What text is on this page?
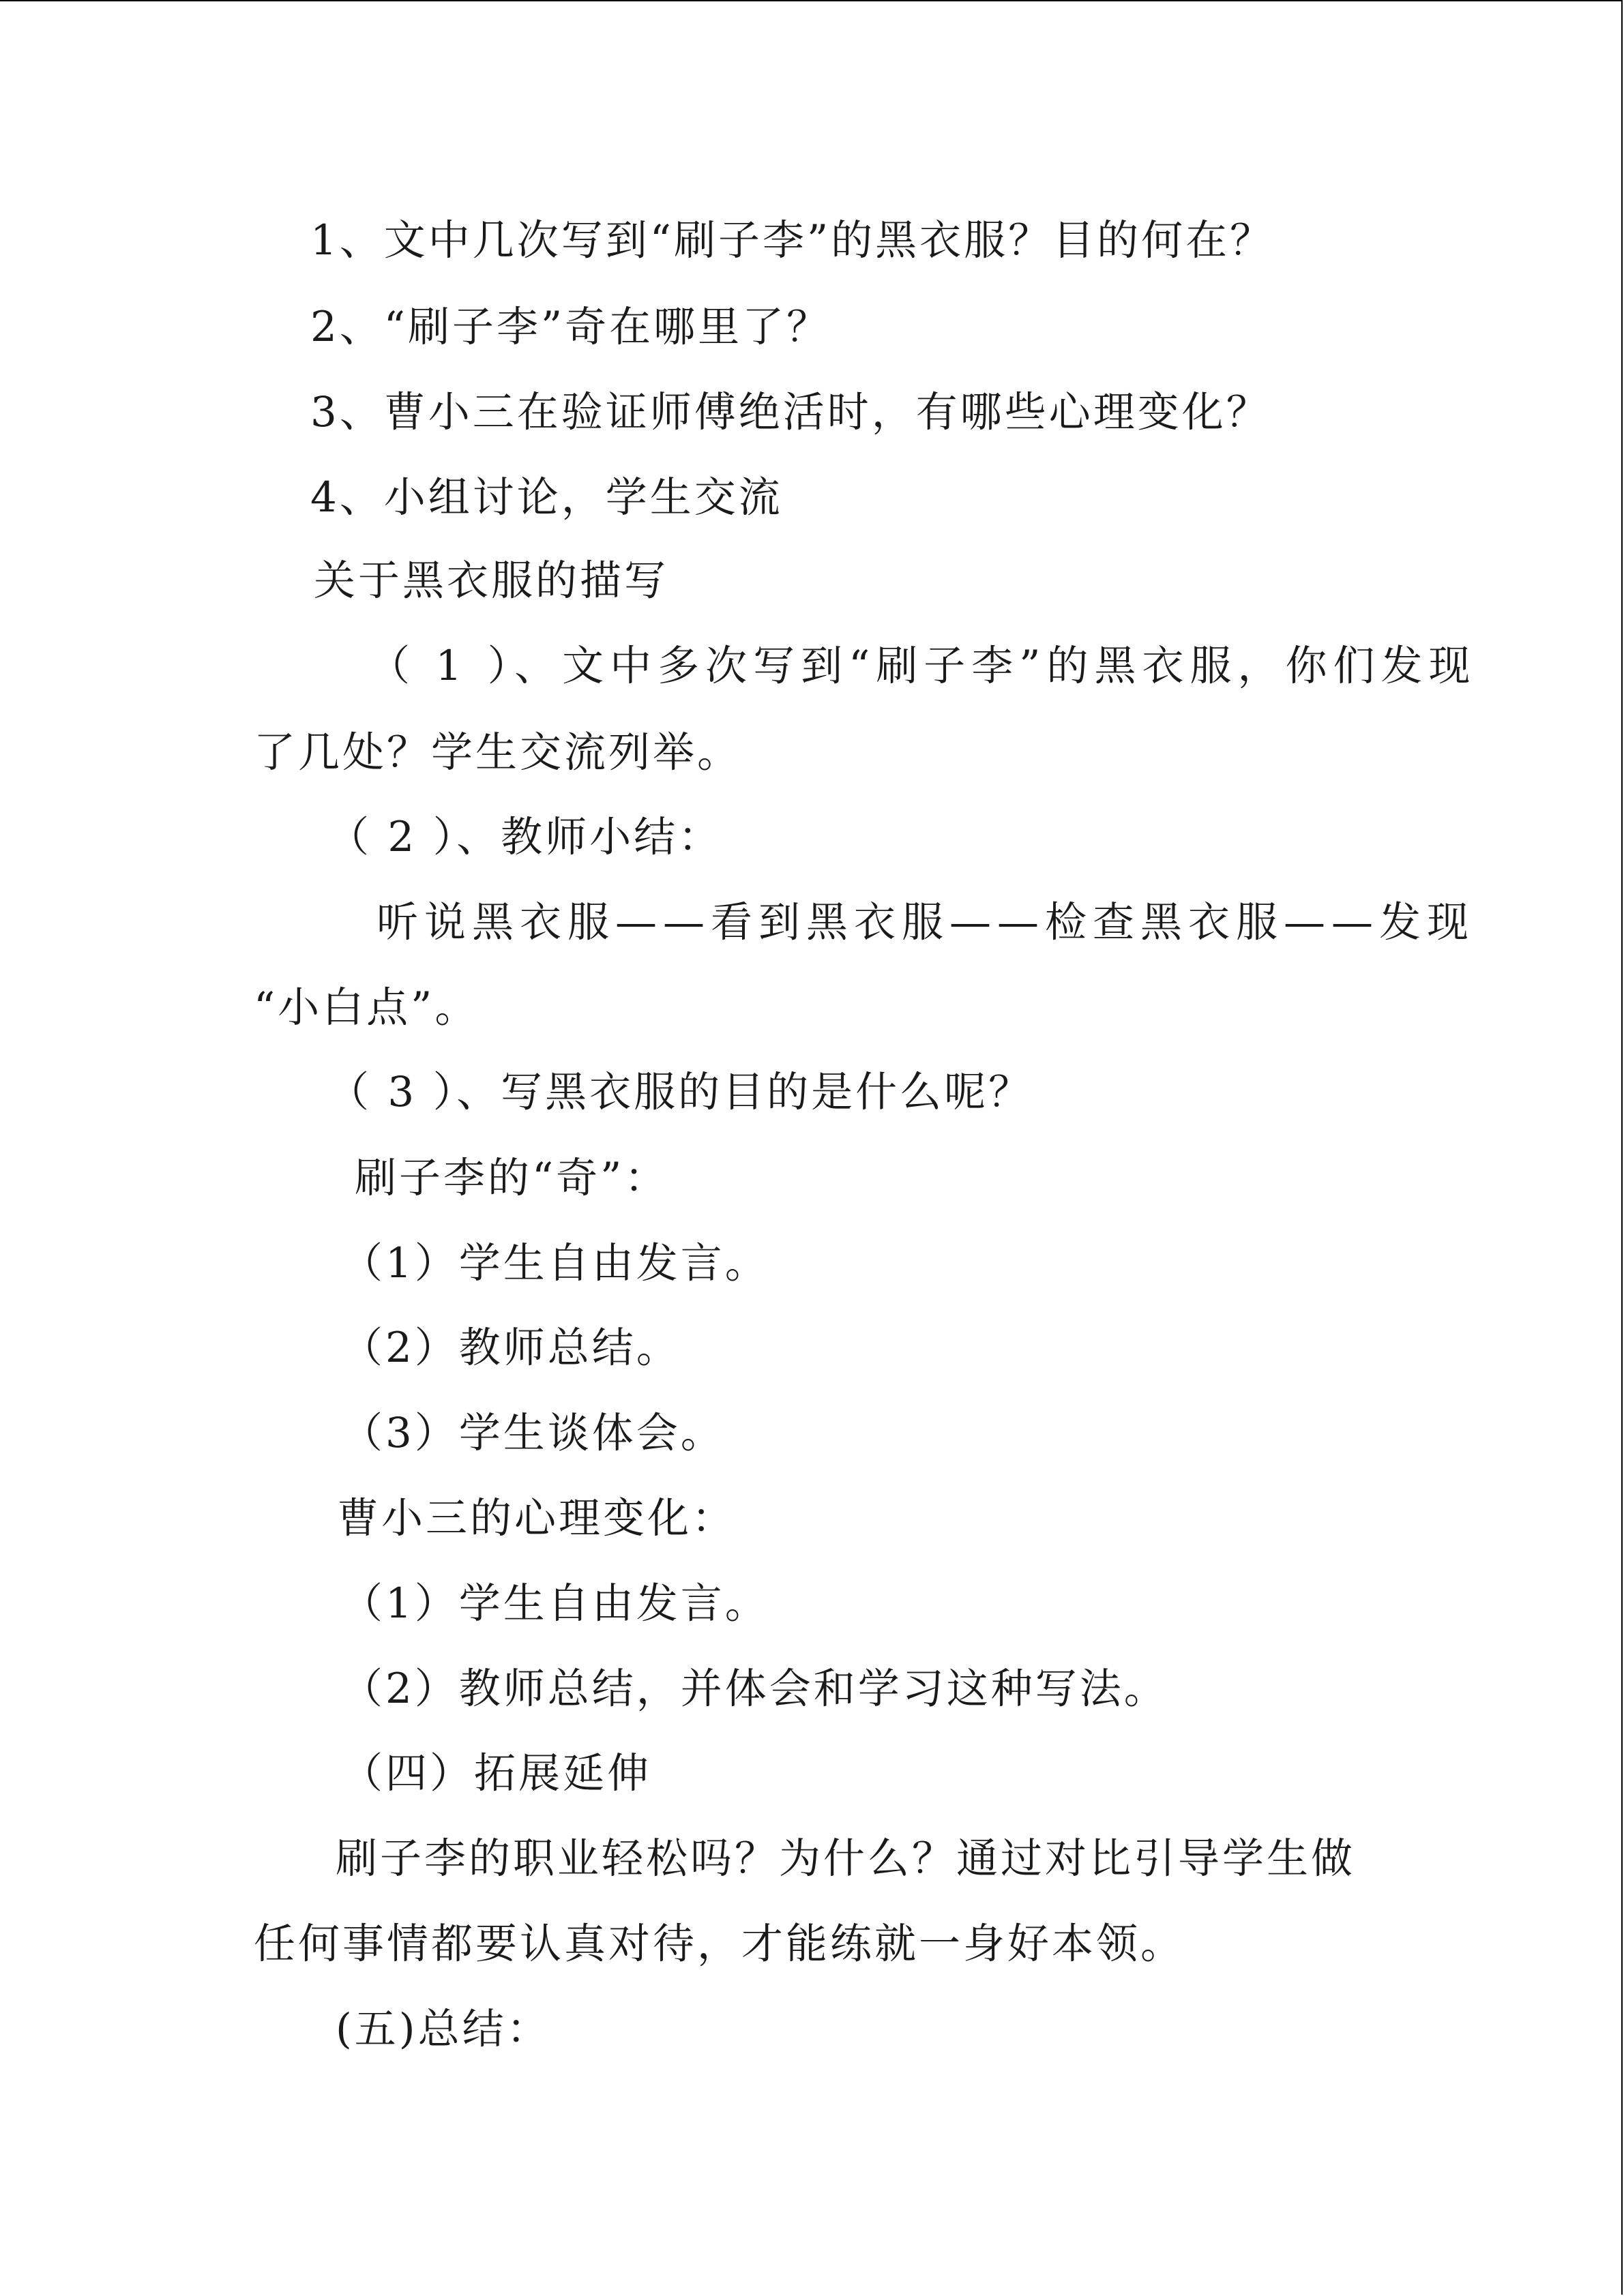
1、文中几次写到“刷子李”的黑衣服？目的何在？
2、“刷子李”奇在哪里了？
3、曹小三在验证师傅绝活时，有哪些心理变化？
4、小组讨论，学生交流
关于黑衣服的描写
（ 1 ）、文中多次写到“刷子李”的黑衣服，你们发现
了几处？学生交流列举。
（ 2 ）、教师小结：
听说黑衣服——看到黑衣服——检查黑衣服——发现
“小白点”。
（ 3 ）、写黑衣服的目的是什么呢？
刷子李的“奇”：
（1）学生自由发言。
（2）教师总结。
（3）学生谈体会。
曹小三的心理变化：
（1）学生自由发言。
（2）教师总结，并体会和学习这种写法。
（四）拓展延伸
刷子李的职业轻松吗？为什么？通过对比引导学生做
任何事情都要认真对待，才能练就一身好本领。
(五)总结：
